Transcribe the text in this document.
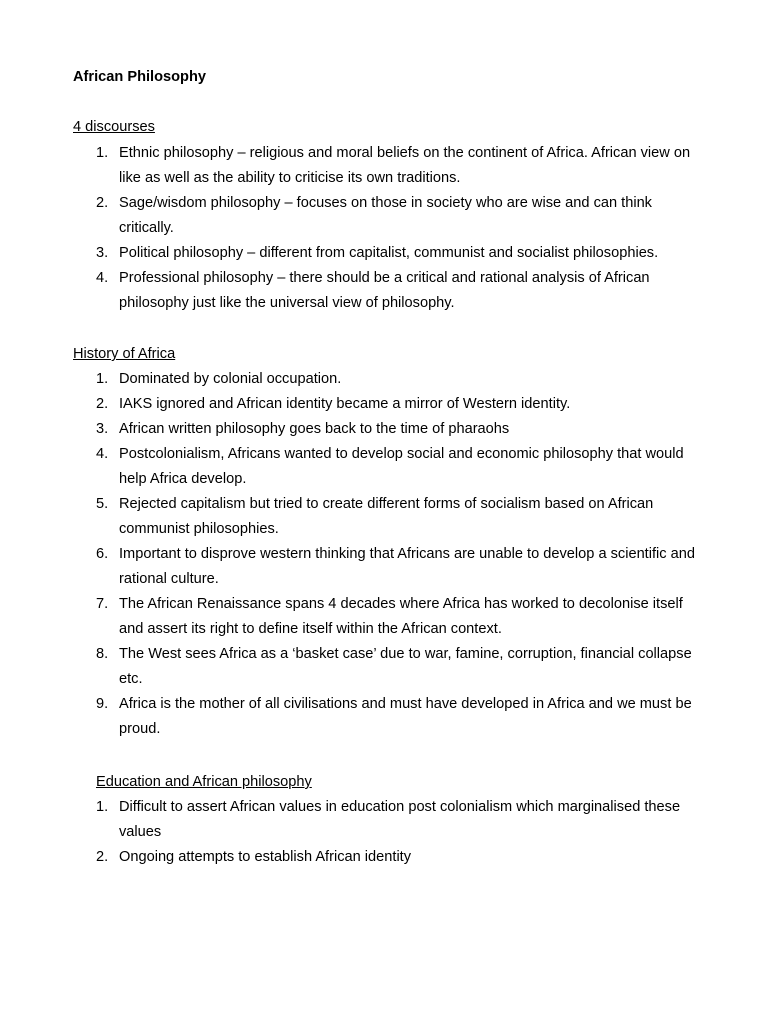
African Philosophy
4 discourses
1. Ethnic philosophy – religious and moral beliefs on the continent of Africa. African view on like as well as the ability to criticise its own traditions.
2. Sage/wisdom philosophy – focuses on those in society who are wise and can think critically.
3. Political philosophy – different from capitalist, communist and socialist philosophies.
4. Professional philosophy – there should be a critical and rational analysis of African philosophy just like the universal view of philosophy.
History of Africa
1. Dominated by colonial occupation.
2. IAKS ignored and African identity became a mirror of Western identity.
3. African written philosophy goes back to the time of pharaohs
4. Postcolonialism, Africans wanted to develop social and economic philosophy that would help Africa develop.
5. Rejected capitalism but tried to create different forms of socialism based on African communist philosophies.
6. Important to disprove western thinking that Africans are unable to develop a scientific and rational culture.
7. The African Renaissance spans 4 decades where Africa has worked to decolonise itself and assert its right to define itself within the African context.
8. The West sees Africa as a ‘basket case’ due to war, famine, corruption, financial collapse etc.
9. Africa is the mother of all civilisations and must have developed in Africa and we must be proud.
Education and African philosophy
1. Difficult to assert African values in education post colonialism which marginalised these values
2. Ongoing attempts to establish African identity
